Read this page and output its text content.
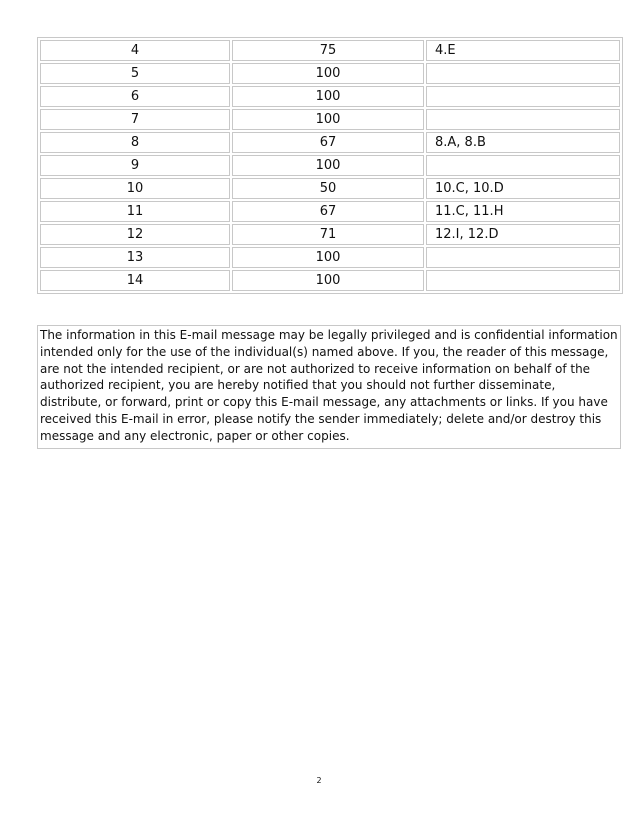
4	75	4.E
5	100	
6	100	
7	100	
8	67	8.A, 8.B
9	100	
10	50	10.C, 10.D
11	67	11.C, 11.H
12	71	12.I, 12.D
13	100	
14	100	
The information in this E-mail message may be legally privileged and is confidential information intended only for the use of the individual(s) named above. If you, the reader of this message, are not the intended recipient, or are not authorized to receive information on behalf of the authorized recipient, you are hereby notified that you should not further disseminate, distribute, or forward, print or copy this E-mail message, any attachments or links. If you have received this E-mail in error, please notify the sender immediately; delete and/or destroy this message and any electronic, paper or other copies.
2
